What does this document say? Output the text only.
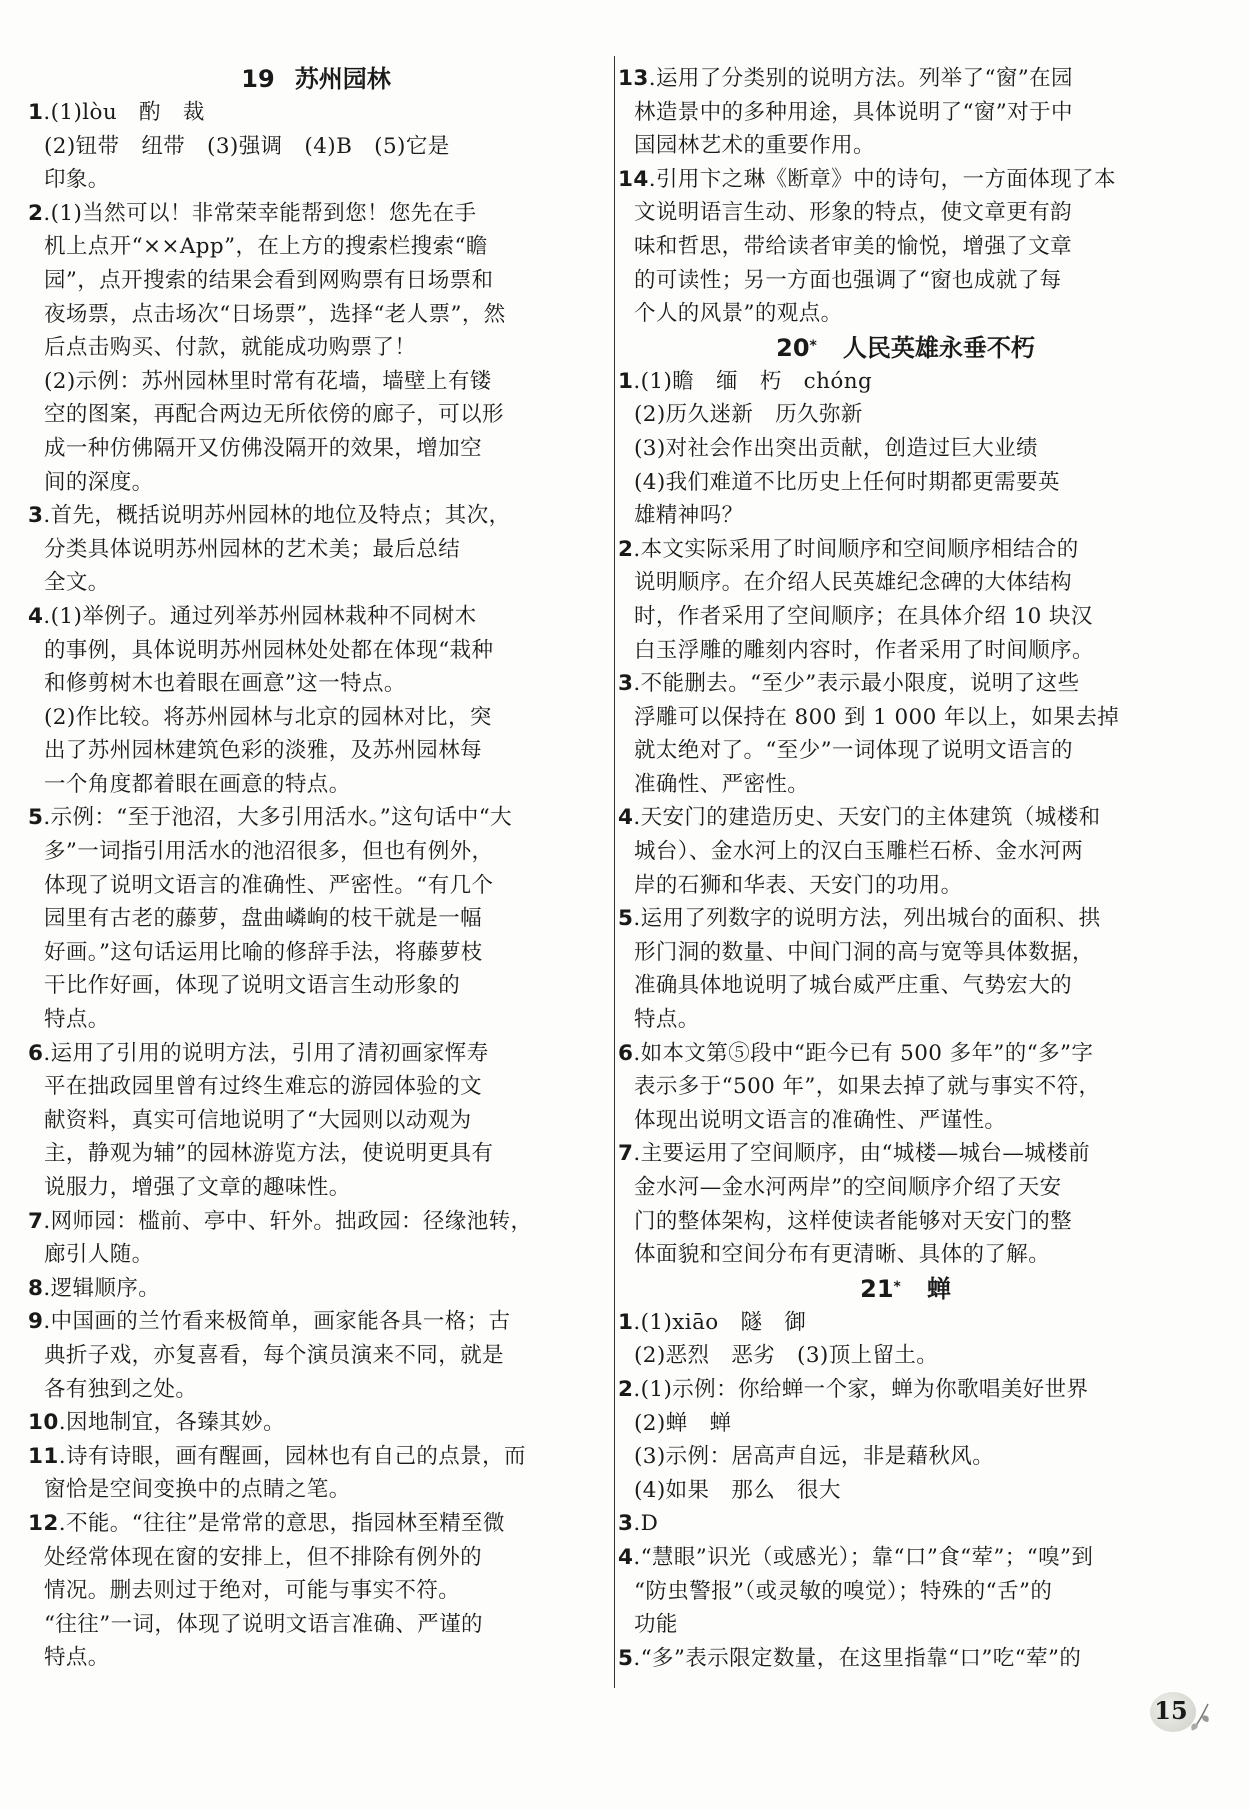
19 苏州园林

1.(1)lòu　酌　裁

(2)钮带　纽带　(3)强调　(4)B　(5)它是

印象。

2.(1)当然可以！非常荣幸能帮到您！您先在手

机上点开“××App”，在上方的搜索栏搜索“瞻

园”，点开搜索的结果会看到网购票有日场票和

夜场票，点击场次“日场票”，选择“老人票”，然

后点击购买、付款，就能成功购票了！

(2)示例：苏州园林里时常有花墙，墙壁上有镂

空的图案，再配合两边无所依傍的廊子，可以形

成一种仿佛隔开又仿佛没隔开的效果，增加空

间的深度。

3.首先，概括说明苏州园林的地位及特点；其次，

分类具体说明苏州园林的艺术美；最后总结

全文。

4.(1)举例子。通过列举苏州园林栽种不同树木

的事例，具体说明苏州园林处处都在体现“栽种

和修剪树木也着眼在画意”这一特点。

(2)作比较。将苏州园林与北京的园林对比，突

出了苏州园林建筑色彩的淡雅，及苏州园林每

一个角度都着眼在画意的特点。

5.示例：“至于池沼，大多引用活水。”这句话中“大

多”一词指引用活水的池沼很多，但也有例外，

体现了说明文语言的准确性、严密性。“有几个

园里有古老的藤萝，盘曲嶙峋的枝干就是一幅

好画。”这句话运用比喻的修辞手法，将藤萝枝

干比作好画，体现了说明文语言生动形象的

特点。

6.运用了引用的说明方法，引用了清初画家恽寿

平在拙政园里曾有过终生难忘的游园体验的文

献资料，真实可信地说明了“大园则以动观为

主，静观为辅”的园林游览方法，使说明更具有

说服力，增强了文章的趣味性。

7.网师园：槛前、亭中、轩外。拙政园：径缘池转，

廊引人随。

8.逻辑顺序。

9.中国画的兰竹看来极简单，画家能各具一格；古

典折子戏，亦复喜看，每个演员演来不同，就是

各有独到之处。

10.因地制宜，各臻其妙。

11.诗有诗眼，画有醒画，园林也有自己的点景，而

窗恰是空间变换中的点睛之笔。

12.不能。“往往”是常常的意思，指园林至精至微

处经常体现在窗的安排上，但不排除有例外的

情况。删去则过于绝对，可能与事实不符。

“往往”一词，体现了说明文语言准确、严谨的

特点。

13.运用了分类别的说明方法。列举了“窗”在园

林造景中的多种用途，具体说明了“窗”对于中

国园林艺术的重要作用。

14.引用卞之琳《断章》中的诗句，一方面体现了本

文说明语言生动、形象的特点，使文章更有韵

味和哲思，带给读者审美的愉悦，增强了文章

的可读性；另一方面也强调了“窗也成就了每

个人的风景”的观点。

20* 人民英雄永垂不朽

1.(1)瞻　缅　朽　chóng

(2)历久迷新　历久弥新

(3)对社会作出突出贡献，创造过巨大业绩

(4)我们难道不比历史上任何时期都更需要英

雄精神吗？

2.本文实际采用了时间顺序和空间顺序相结合的

说明顺序。在介绍人民英雄纪念碑的大体结构

时，作者采用了空间顺序；在具体介绍 10 块汉

白玉浮雕的雕刻内容时，作者采用了时间顺序。

3.不能删去。“至少”表示最小限度，说明了这些

浮雕可以保持在 800 到 1 000 年以上，如果去掉

就太绝对了。“至少”一词体现了说明文语言的

准确性、严密性。

4.天安门的建造历史、天安门的主体建筑（城楼和

城台）、金水河上的汉白玉雕栏石桥、金水河两

岸的石狮和华表、天安门的功用。

5.运用了列数字的说明方法，列出城台的面积、拱

形门洞的数量、中间门洞的高与宽等具体数据，

准确具体地说明了城台威严庄重、气势宏大的

特点。

6.如本文第⑤段中“距今已有 500 多年”的“多”字

表示多于“500 年”，如果去掉了就与事实不符，

体现出说明文语言的准确性、严谨性。

7.主要运用了空间顺序，由“城楼—城台—城楼前

金水河—金水河两岸”的空间顺序介绍了天安

门的整体架构，这样使读者能够对天安门的整

体面貌和空间分布有更清晰、具体的了解。

21* 蝉

1.(1)xiāo　隧　御

(2)恶烈　恶劣　(3)顶上留土。

2.(1)示例：你给蝉一个家，蝉为你歌唱美好世界

(2)蝉　蝉

(3)示例：居高声自远，非是藉秋风。

(4)如果　那么　很大

3.D

4.“慧眼”识光（或感光）；靠“口”食“荤”；“嗅”到

“防虫警报”（或灵敏的嗅觉）；特殊的“舌”的

功能

5.“多”表示限定数量，在这里指靠“口”吃“荤”的

15
